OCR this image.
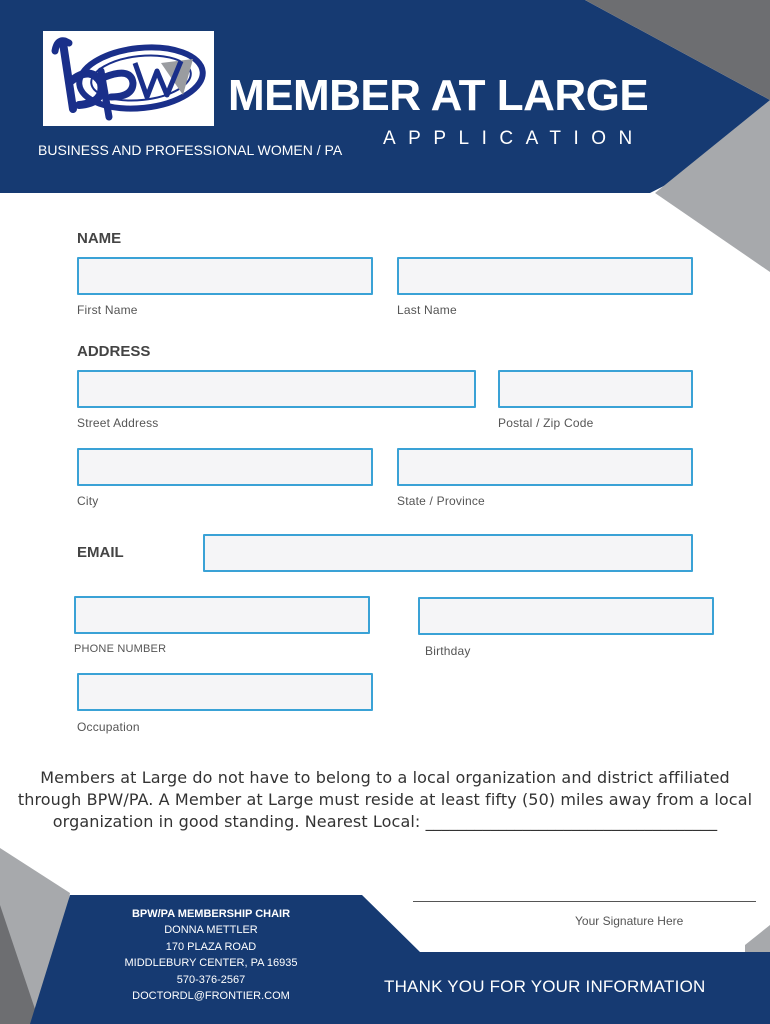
MEMBER AT LARGE
APPLICATION
BUSINESS AND PROFESSIONAL WOMEN / PA
NAME
First Name	Last Name
ADDRESS
Street Address	Postal / Zip Code
City	State / Province
EMAIL
PHONE NUMBER	Birthday
Occupation
Members at Large do not have to belong to a local organization and district affiliated through BPW/PA. A Member at Large must reside at least fifty (50) miles away from a local organization in good standing. Nearest Local: ____________________________________
Your Signature Here
BPW/PA MEMBERSHIP CHAIR
DONNA METTLER
170 PLAZA ROAD
MIDDLEBURY CENTER, PA 16935
570-376-2567
DOCTORDL@FRONTIER.COM
THANK YOU FOR YOUR INFORMATION
